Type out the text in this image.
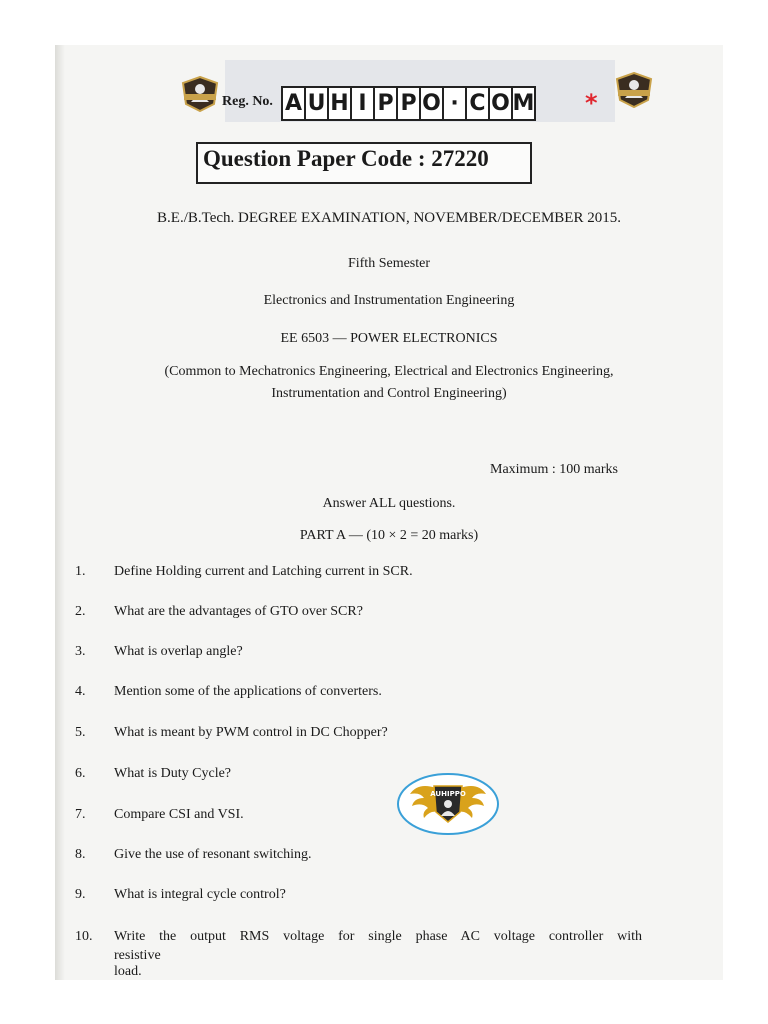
Reg. No. A U H I P P O · C O M *
Question Paper Code : 27220
B.E./B.Tech. DEGREE EXAMINATION, NOVEMBER/DECEMBER 2015.
Fifth Semester
Electronics and Instrumentation Engineering
EE 6503 — POWER ELECTRONICS
(Common to Mechatronics Engineering, Electrical and Electronics Engineering,
Instrumentation and Control Engineering)
Maximum : 100 marks
Answer ALL questions.
PART A — (10 × 2 = 20 marks)
1. Define Holding current and Latching current in SCR.
2. What are the advantages of GTO over SCR?
3. What is overlap angle?
4. Mention some of the applications of converters.
5. What is meant by PWM control in DC Chopper?
6. What is Duty Cycle?
7. Compare CSI and VSI.
8. Give the use of resonant switching.
9. What is integral cycle control?
10. Write the output RMS voltage for single phase AC voltage controller with
resistive load.
AUHIPPO
